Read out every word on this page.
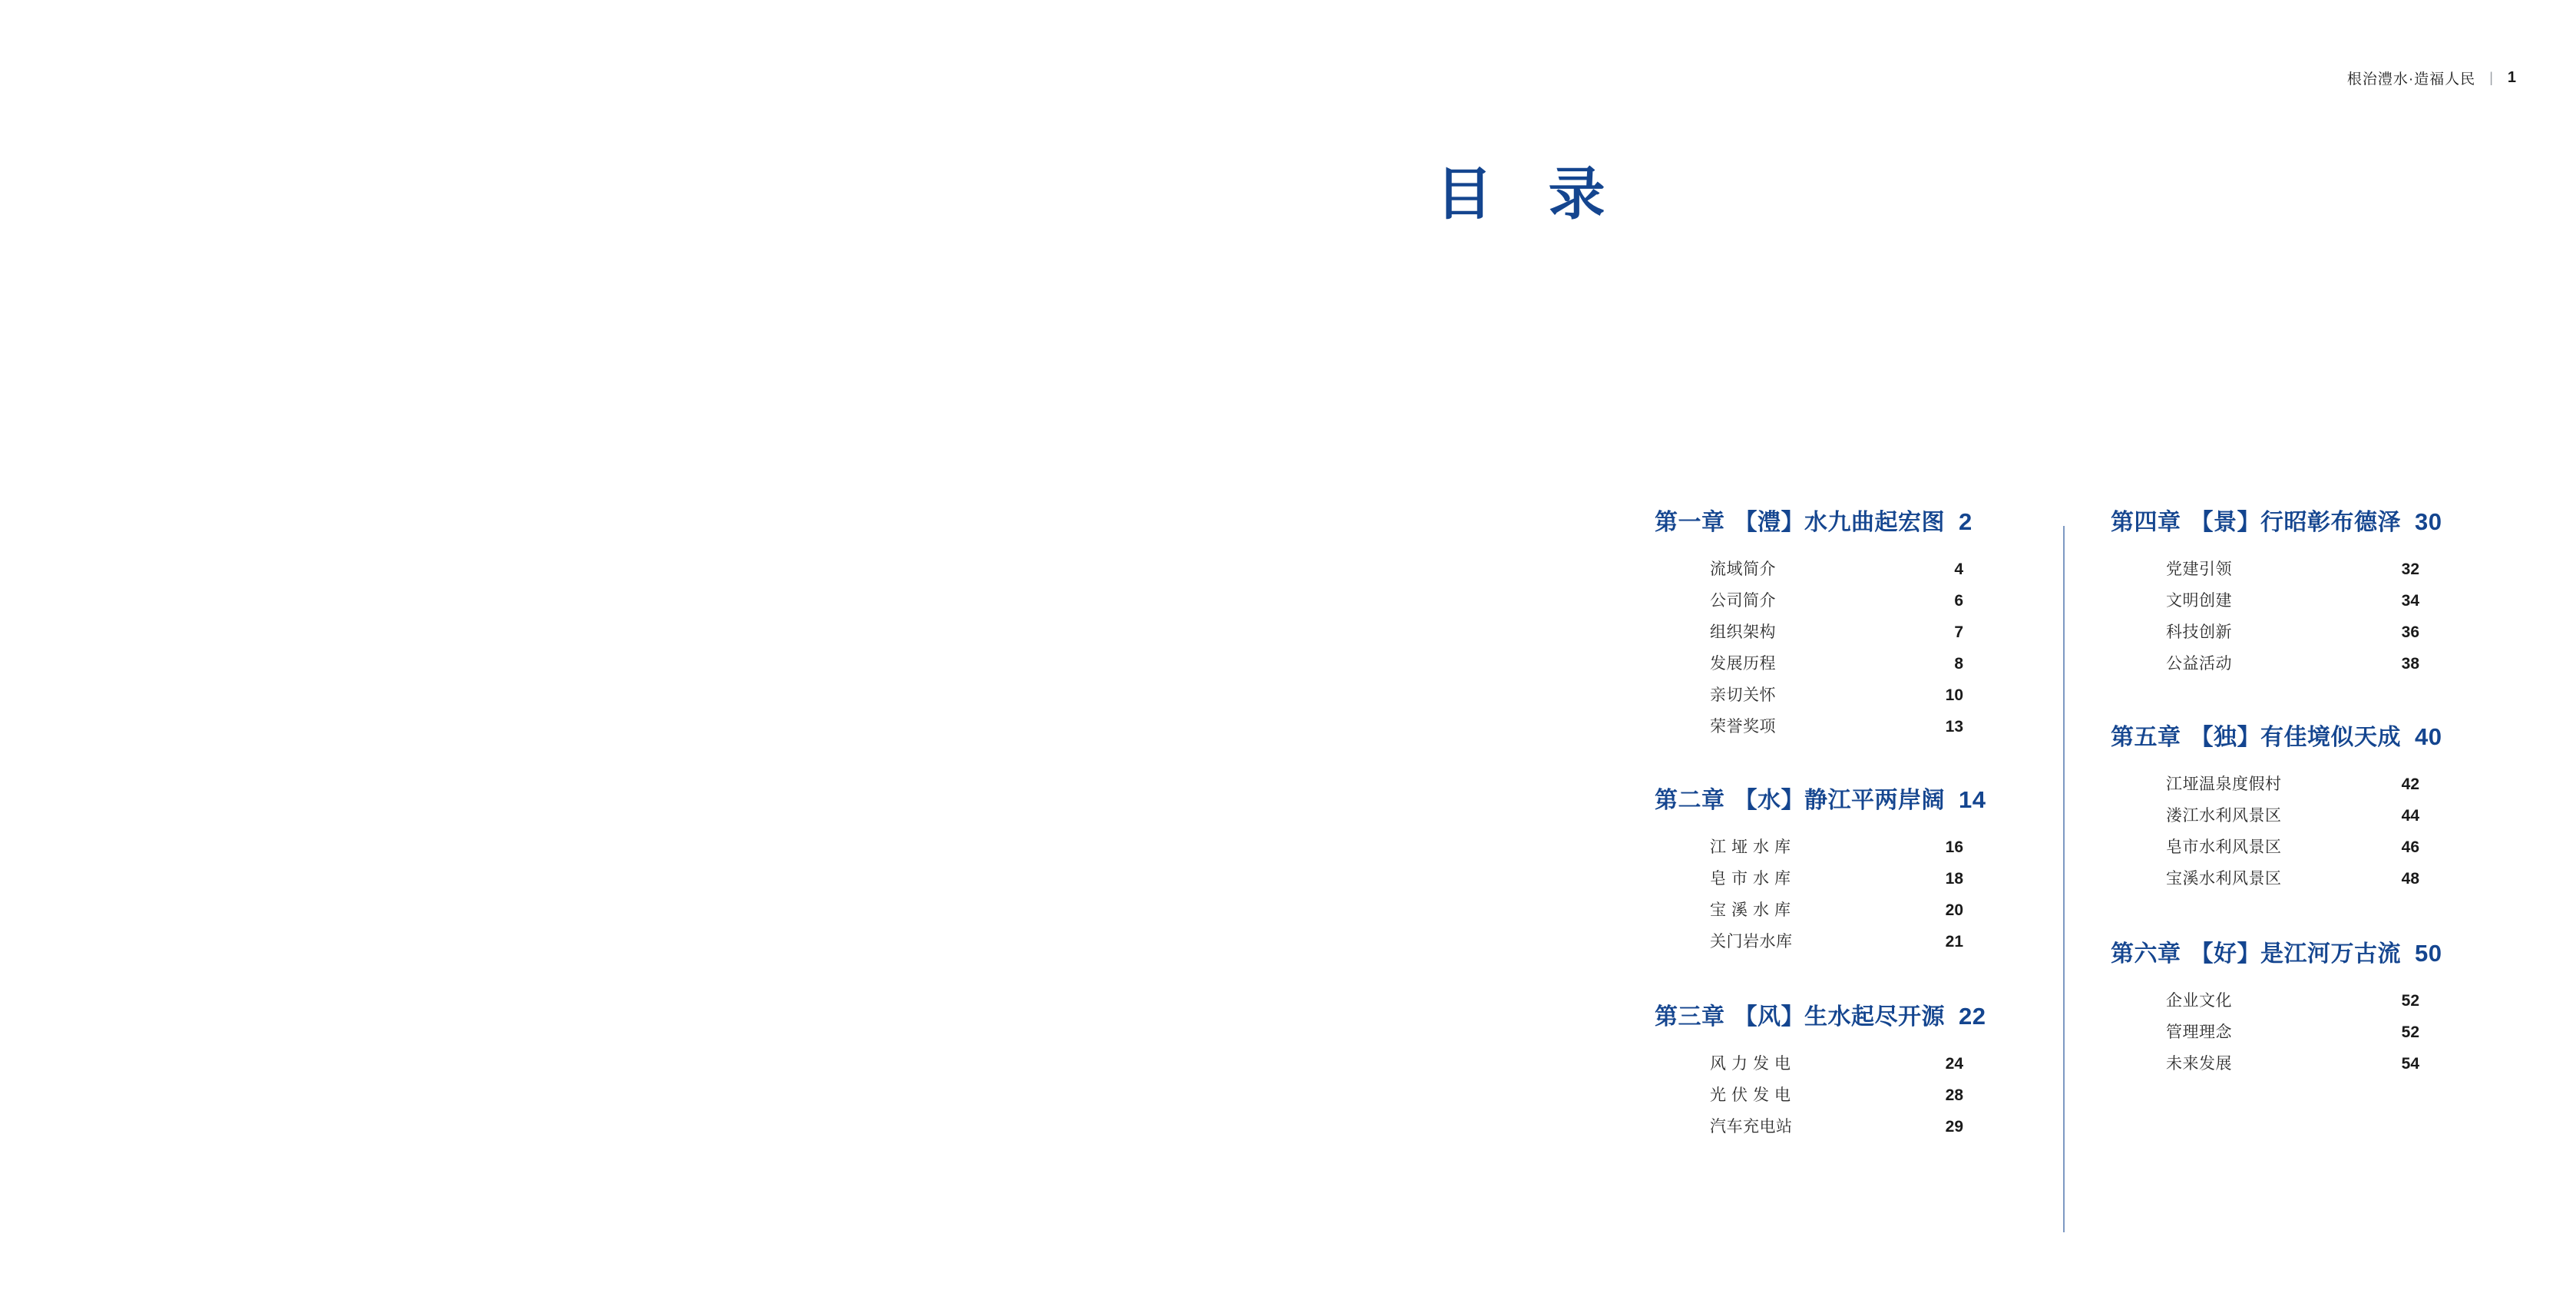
根治澧水·造福人民 | 1
目 录
第一章 【澧】水九曲起宏图 2
流域简介	4
公司简介	6
组织架构	7
发展历程	8
亲切关怀	10
荣誉奖项	13
第二章 【水】静江平两岸阔 14
江垭水库	16
皂市水库	18
宝溪水库	20
关门岩水库	21
第三章 【风】生水起尽开源 22
风力发电	24
光伏发电	28
汽车充电站	29
第四章 【景】行昭彰布德泽 30
党建引领	32
文明创建	34
科技创新	36
公益活动	38
第五章 【独】有佳境似天成 40
江垭温泉度假村	42
溇江水利风景区	44
皂市水利风景区	46
宝溪水利风景区	48
第六章 【好】是江河万古流 50
企业文化	52
管理理念	52
未来发展	54
